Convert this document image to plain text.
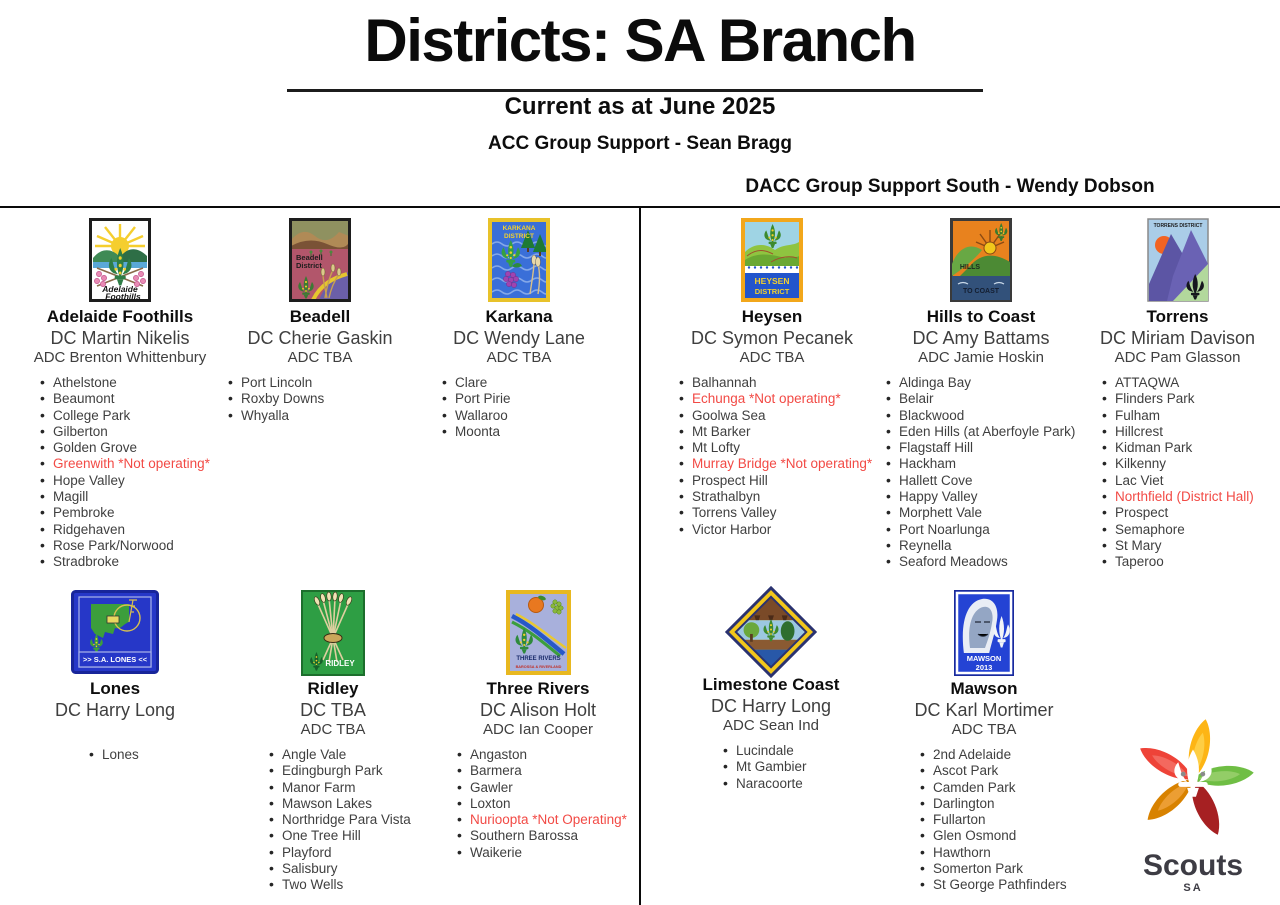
Districts: SA Branch
Current as at June 2025
ACC Group Support - Sean Bragg
DACC Group Support South - Wendy Dobson
Adelaide
Foothills
Adelaide Foothills
DC Martin Nikelis
ADC Brenton Whittenbury
• Athelstone
• Beaumont
• College Park
• Gilberton
• Golden Grove
• Greenwith *Not operating*
• Hope Valley
• Magill
• Pembroke
• Ridgehaven
• Rose Park/Norwood
• Stradbroke
Beadell
District
Beadell
DC Cherie Gaskin
ADC TBA
• Port Lincoln
• Roxby Downs
• Whyalla
KARKANA
DISTRICT
Karkana
DC Wendy Lane
ADC TBA
• Clare
• Port Pirie
• Wallaroo
• Moonta
HEYSEN
DISTRICT
Heysen
DC Symon Pecanek
ADC TBA
• Balhannah
• Echunga *Not operating*
• Goolwa Sea
• Mt Barker
• Mt Lofty
• Murray Bridge *Not operating*
• Prospect Hill
• Strathalbyn
• Torrens Valley
• Victor Harbor
HILLS
TO COAST
Hills to Coast
DC Amy Battams
ADC Jamie Hoskin
• Aldinga Bay
• Belair
• Blackwood
• Eden Hills (at Aberfoyle Park)
• Flagstaff Hill
• Hackham
• Hallett Cove
• Happy Valley
• Morphett Vale
• Port Noarlunga
• Reynella
• Seaford Meadows
TORRENS DISTRICT
Torrens
DC Miriam Davison
ADC Pam Glasson
• ATTAQWA
• Flinders Park
• Fulham
• Hillcrest
• Kidman Park
• Kilkenny
• Lac Viet
• Northfield (District Hall)
• Prospect
• Semaphore
• St Mary
• Taperoo
>> S.A. LONES <<
Lones
DC Harry Long
• Lones
RIDLEY
Ridley
DC TBA
ADC TBA
• Angle Vale
• Edingburgh Park
• Manor Farm
• Mawson Lakes
• Northridge Para Vista
• One Tree Hill
• Playford
• Salisbury
• Two Wells
THREE RIVERS
BAROSSA & RIVERLAND
Three Rivers
DC Alison Holt
ADC Ian Cooper
• Angaston
• Barmera
• Gawler
• Loxton
• Nurioopta *Not Operating*
• Southern Barossa
• Waikerie
Limestone Coast
DC Harry Long
ADC Sean Ind
• Lucindale
• Mt Gambier
• Naracoorte
MAWSON
2013
Mawson
DC Karl Mortimer
ADC TBA
• 2nd Adelaide
• Ascot Park
• Camden Park
• Darlington
• Fullarton
• Glen Osmond
• Hawthorn
• Somerton Park
• St George Pathfinders
Scouts
SA
